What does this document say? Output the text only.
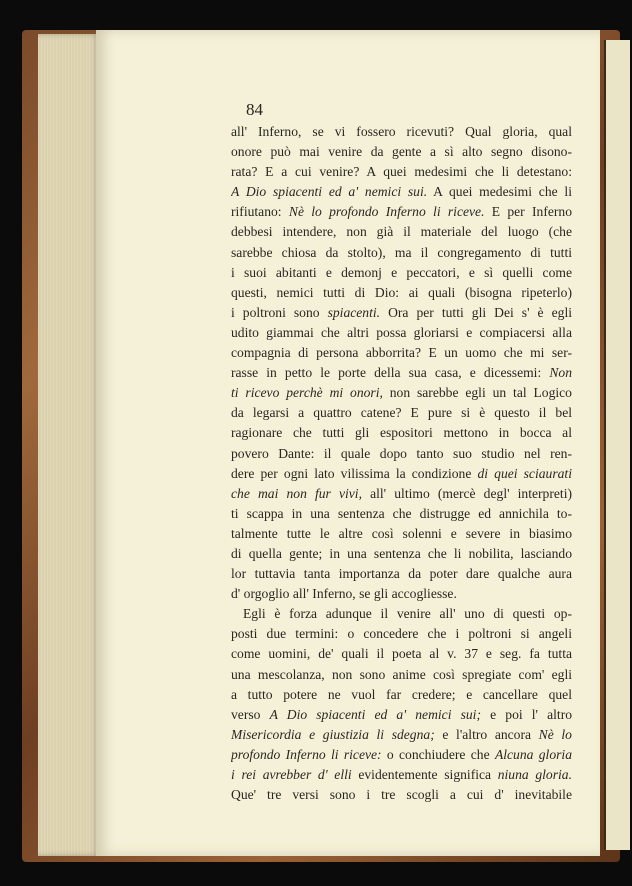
84

all' Inferno, se vi fossero ricevuti? Qual gloria, qual
onore può mai venire da gente a sì alto segno disono-
rata? E a cui venire? A quei medesimi che li detestano:
A Dio spiacenti ed a' nemici sui. A quei medesimi che li
rifiutano: Nè lo profondo Inferno li riceve. E per Inferno
debbesi intendere, non già il materiale del luogo (che
sarebbe chiosa da stolto), ma il congregamento di tutti
i suoi abitanti e demonj e peccatori, e sì quelli come
questi, nemici tutti di Dio: ai quali (bisogna ripeterlo)
i poltroni sono spiacenti. Ora per tutti gli Dei s' è egli
udito giammai che altri possa gloriarsi e compiacersi alla
compagnia di persona abborrita? E un uomo che mi ser-
rasse in petto le porte della sua casa, e dicessemi: Non
ti ricevo perchè mi onori, non sarebbe egli un tal Logico
da legarsi a quattro catene? E pure si è questo il bel
ragionare che tutti gli espositori mettono in bocca al
povero Dante: il quale dopo tanto suo studio nel ren-
dere per ogni lato vilissima la condizione di quei sciaurati
che mai non fur vivi, all' ultimo (mercè degl' interpreti)
ti scappa in una sentenza che distrugge ed annichila to-
talmente tutte le altre così solenni e severe in biasimo
di quella gente; in una sentenza che li nobilita, lasciando
lor tuttavia tanta importanza da poter dare qualche aura
d' orgoglio all' Inferno, se gli accogliesse.
Egli è forza adunque il venire all' uno di questi op-
posti due termini: o concedere che i poltroni si angeli
come uomini, de' quali il poeta al v. 37 e seg. fa tutta
una mescolanza, non sono anime così spregiate com' egli
a tutto potere ne vuol far credere; e cancellare quel
verso A Dio spiacenti ed a' nemici sui; e poi l' altro
Misericordia e giustizia li sdegna; e l'altro ancora Nè lo
profondo Inferno li riceve: o conchiudere che Alcuna gloria
i rei avrebber d' elli evidentemente significa niuna gloria.
Que' tre versi sono i tre scogli a cui d' inevitabile
